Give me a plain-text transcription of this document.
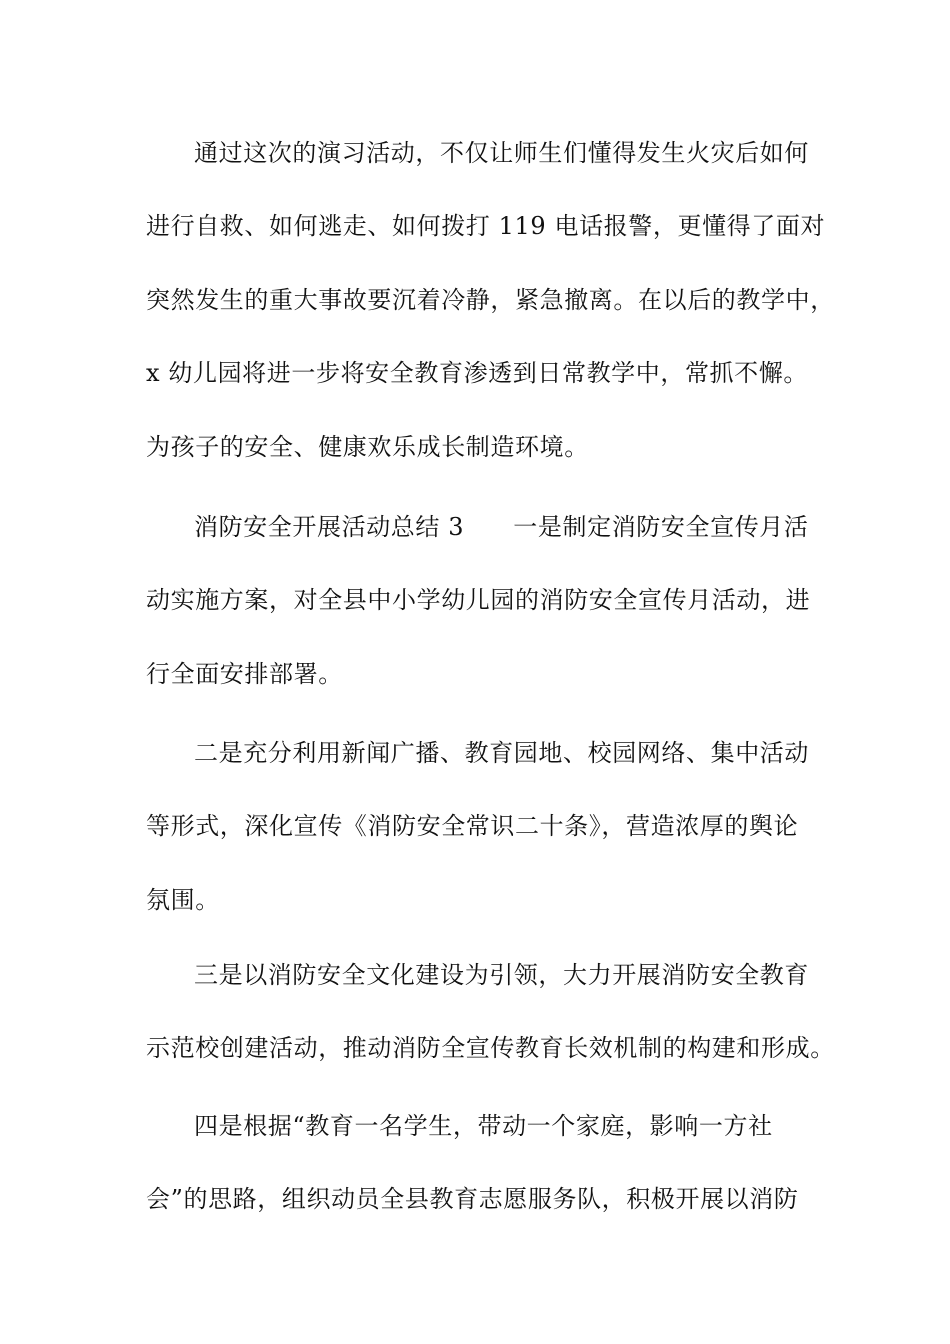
通过这次的演习活动，不仅让师生们懂得发生火灾后如何
进行自救、如何逃走、如何拨打 119 电话报警，更懂得了面对
突然发生的重大事故要沉着冷静，紧急撤离。在以后的教学中，
x 幼儿园将进一步将安全教育渗透到日常教学中，常抓不懈。
为孩子的安全、健康欢乐成长制造环境。
消防安全开展活动总结 3　　一是制定消防安全宣传月活
动实施方案，对全县中小学幼儿园的消防安全宣传月活动，进
行全面安排部署。
二是充分利用新闻广播、教育园地、校园网络、集中活动
等形式，深化宣传《消防安全常识二十条》，营造浓厚的舆论
氛围。
三是以消防安全文化建设为引领，大力开展消防安全教育
示范校创建活动，推动消防全宣传教育长效机制的构建和形成。
四是根据“教育一名学生，带动一个家庭，影响一方社
会”的思路，组织动员全县教育志愿服务队，积极开展以消防
